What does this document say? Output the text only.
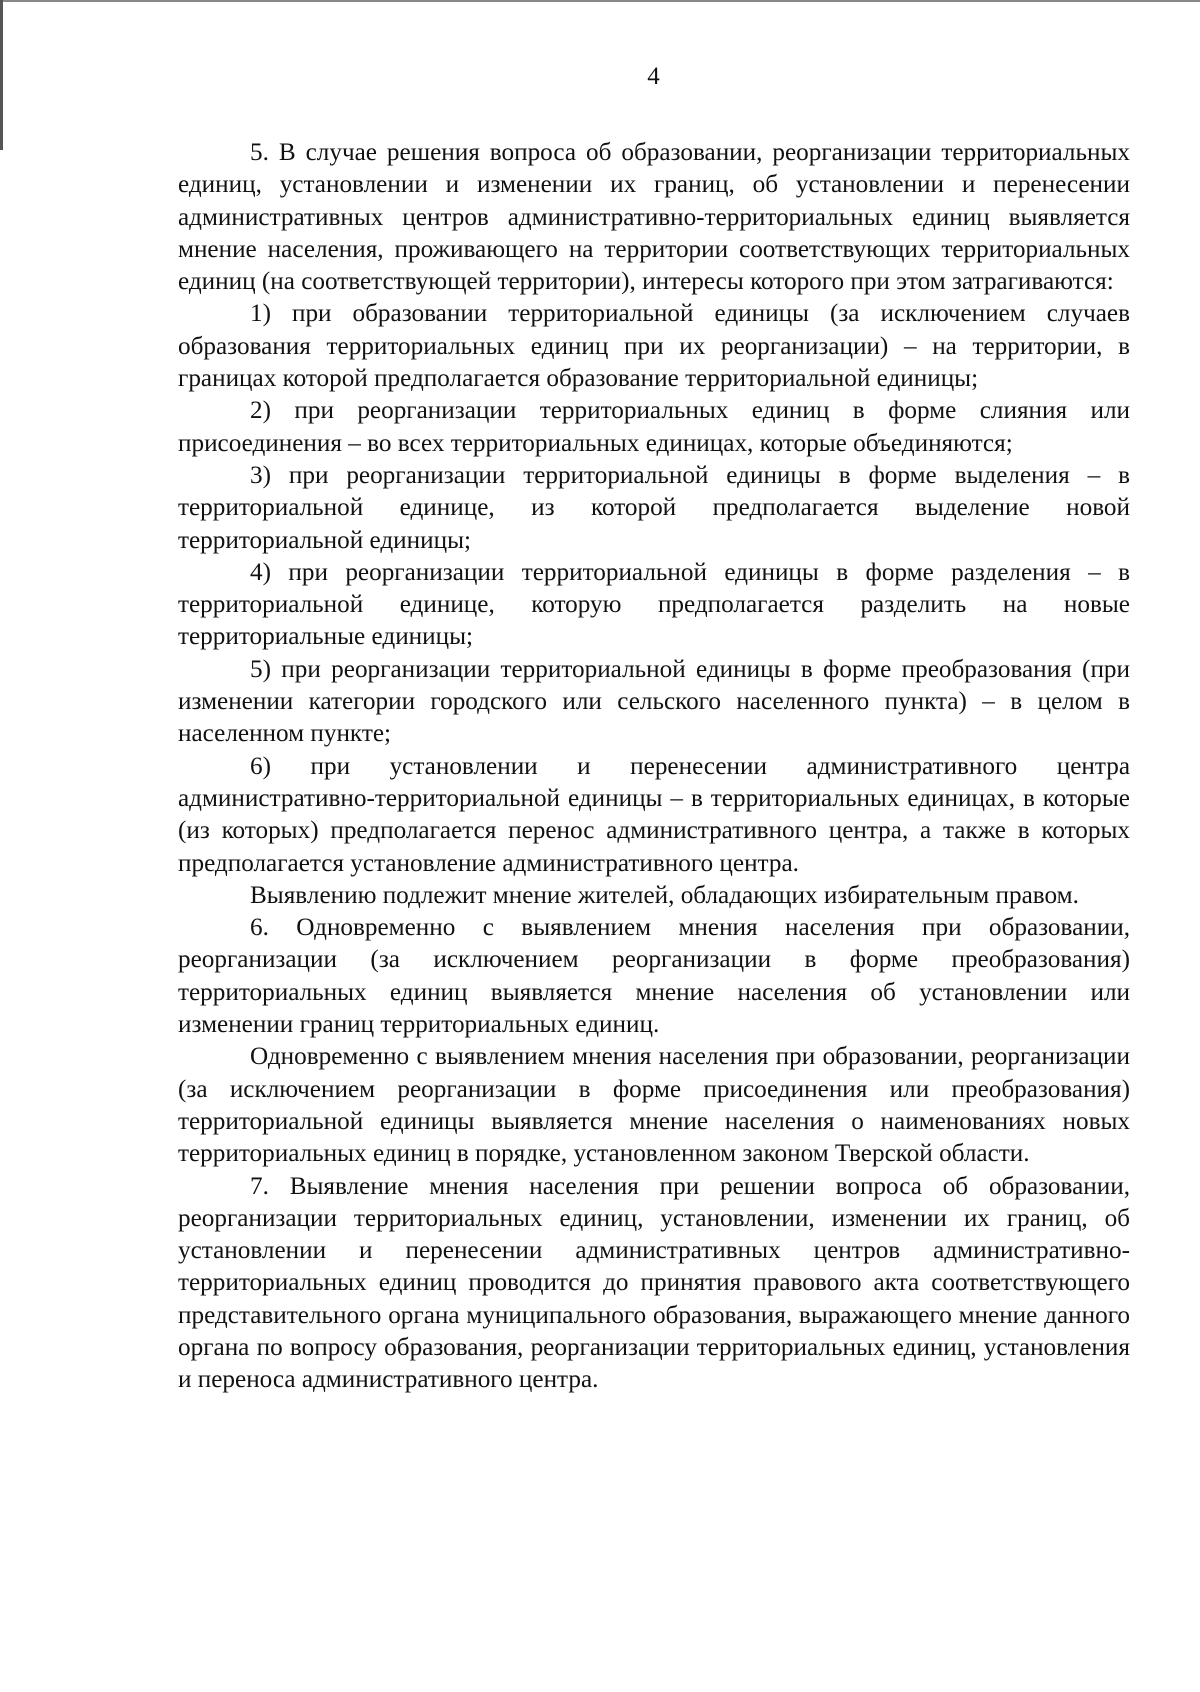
4

5. В случае решения вопроса об образовании, реорганизации территориальных единиц, установлении и изменении их границ, об установлении и перенесении административных центров административно-территориальных единиц выявляется мнение населения, проживающего на территории соответствующих территориальных единиц (на соответствующей территории), интересы которого при этом затрагиваются:

1) при образовании территориальной единицы (за исключением случаев образования территориальных единиц при их реорганизации) – на территории, в границах которой предполагается образование территориальной единицы;

2) при реорганизации территориальных единиц в форме слияния или присоединения – во всех территориальных единицах, которые объединяются;

3) при реорганизации территориальной единицы в форме выделения – в территориальной единице, из которой предполагается выделение новой территориальной единицы;

4) при реорганизации территориальной единицы в форме разделения – в территориальной единице, которую предполагается разделить на новые территориальные единицы;

5) при реорганизации территориальной единицы в форме преобразования (при изменении категории городского или сельского населенного пункта) – в целом в населенном пункте;

6) при установлении и перенесении административного центра административно-территориальной единицы – в территориальных единицах, в которые (из которых) предполагается перенос административного центра, а также в которых предполагается установление административного центра.

Выявлению подлежит мнение жителей, обладающих избирательным правом.

6. Одновременно с выявлением мнения населения при образовании, реорганизации (за исключением реорганизации в форме преобразования) территориальных единиц выявляется мнение населения об установлении или изменении границ территориальных единиц.

Одновременно с выявлением мнения населения при образовании, реорганизации (за исключением реорганизации в форме присоединения или преобразования) территориальной единицы выявляется мнение населения о наименованиях новых территориальных единиц в порядке, установленном законом Тверской области.

7. Выявление мнения населения при решении вопроса об образовании, реорганизации территориальных единиц, установлении, изменении их границ, об установлении и перенесении административных центров административно-территориальных единиц проводится до принятия правового акта соответствующего представительного органа муниципального образования, выражающего мнение данного органа по вопросу образования, реорганизации территориальных единиц, установления и переноса административного центра.
